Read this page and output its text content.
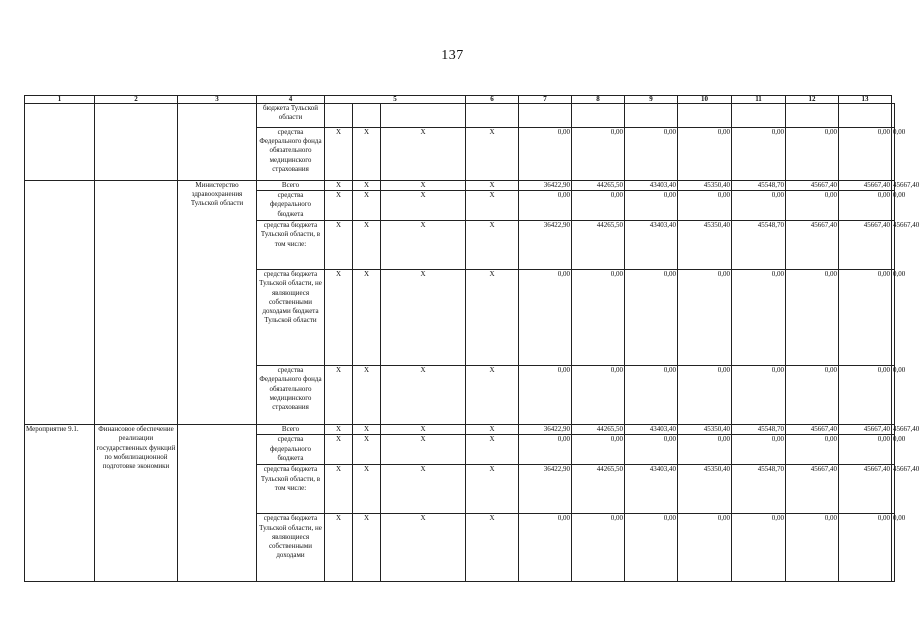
137
1	2	3	4	5			6	7	8	9	10	11	12	13	
			бюджета Тульской области												
			средства Федерального фонда обязательного медицинского страхования	X	X	X	X	0,00	0,00	0,00	0,00	0,00	0,00	0,00	0,00
		Министерство здравоохранения Тульской области	Всего	X	X	X	X	36422,90	44265,50	43403,40	45350,40	45548,70	45667,40	45667,40	45667,40
			средства федерального бюджета	X	X	X	X	0,00	0,00	0,00	0,00	0,00	0,00	0,00	0,00
			средства бюджета Тульской области, в том числе:	X	X	X	X	36422,90	44265,50	43403,40	45350,40	45548,70	45667,40	45667,40	45667,40
			средства бюджета Тульской области, не являющиеся собственными доходами бюджета Тульской области	X	X	X	X	0,00	0,00	0,00	0,00	0,00	0,00	0,00	0,00
			средства Федерального фонда обязательного медицинского страхования	X	X	X	X	0,00	0,00	0,00	0,00	0,00	0,00	0,00	0,00
Мероприятие 9.1.	Финансовое обеспечение реализации государственных функций по мобилизационной подготовке экономики		Всего	X	X	X	X	36422,90	44265,50	43403,40	45350,40	45548,70	45667,40	45667,40	45667,40
			средства федерального бюджета	X	X	X	X	0,00	0,00	0,00	0,00	0,00	0,00	0,00	0,00
			средства бюджета Тульской области, в том числе:	X	X	X	X	36422,90	44265,50	43403,40	45350,40	45548,70	45667,40	45667,40	45667,40
			средства бюджета Тульской области, не являющиеся собственными доходами	X	X	X	X	0,00	0,00	0,00	0,00	0,00	0,00	0,00	0,00
